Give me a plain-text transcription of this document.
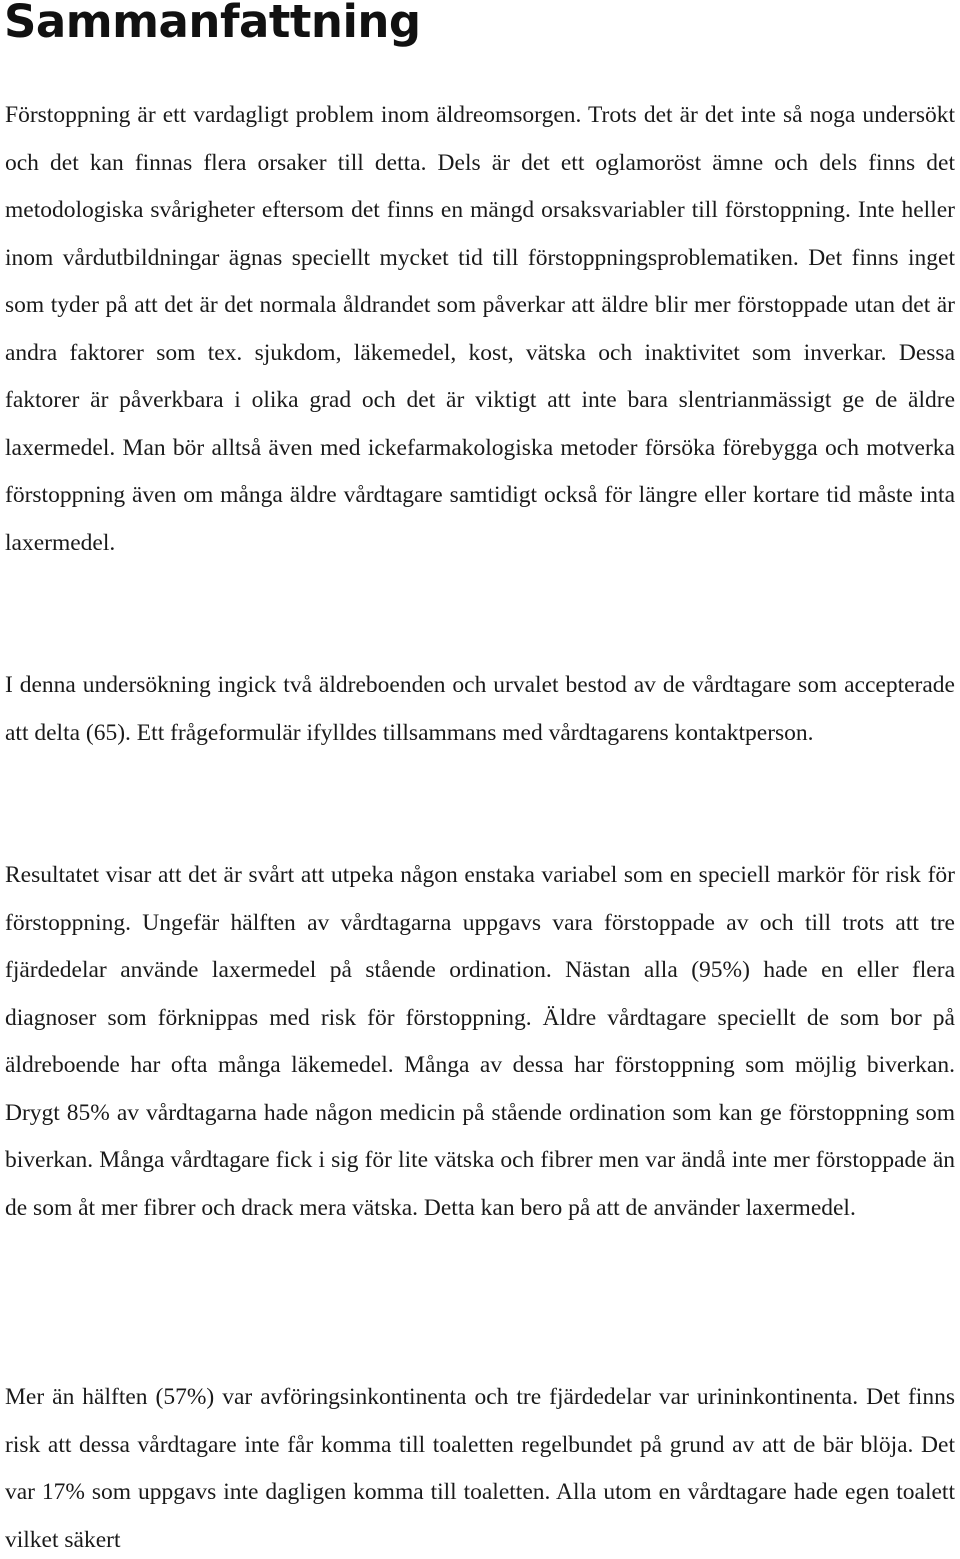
Sammanfattning

Förstoppning är ett vardagligt problem inom äldreomsorgen. Trots det är det inte så noga undersökt och det kan finnas flera orsaker till detta. Dels är det ett oglamoröst ämne och dels finns det metodologiska svårigheter eftersom det finns en mängd orsaksvariabler till förstoppning. Inte heller inom vårdutbildningar ägnas speciellt mycket tid till förstoppningsproblematiken. Det finns inget som tyder på att det är det normala åldrandet som påverkar att äldre blir mer förstoppade utan det är andra faktorer som tex. sjukdom, läkemedel, kost, vätska och inaktivitet som inverkar. Dessa faktorer är påverkbara i olika grad och det är viktigt att inte bara slentrianmässigt ge de äldre laxermedel. Man bör alltså även med ickefarmakologiska metoder försöka förebygga och motverka förstoppning även om många äldre vårdtagare samtidigt också för längre eller kortare tid måste inta laxermedel.

I denna undersökning ingick två äldreboenden och urvalet bestod av de vårdtagare som accepterade att delta (65). Ett frågeformulär ifylldes tillsammans med vårdtagarens kontaktperson.

Resultatet visar att det är svårt att utpeka någon enstaka variabel som en speciell markör för risk för förstoppning. Ungefär hälften av vårdtagarna uppgavs vara förstoppade av och till trots att tre fjärdedelar använde laxermedel på stående ordination. Nästan alla (95%) hade en eller flera diagnoser som förknippas med risk för förstoppning. Äldre vårdtagare speciellt de som bor på äldreboende har ofta många läkemedel. Många av dessa har förstoppning som möjlig biverkan. Drygt 85% av vårdtagarna hade någon medicin på stående ordination som kan ge förstoppning som biverkan. Många vårdtagare fick i sig för lite vätska och fibrer men var ändå inte mer förstoppade än de som åt mer fibrer och drack mera vätska. Detta kan bero på att de använder laxermedel.

Mer än hälften (57%) var avföringsinkontinenta och tre fjärdedelar var urininkontinenta. Det finns risk att dessa vårdtagare inte får komma till toaletten regelbundet på grund av att de bär blöja. Det var 17% som uppgavs inte dagligen komma till toaletten. Alla utom en vårdtagare hade egen toalett vilket säkert
